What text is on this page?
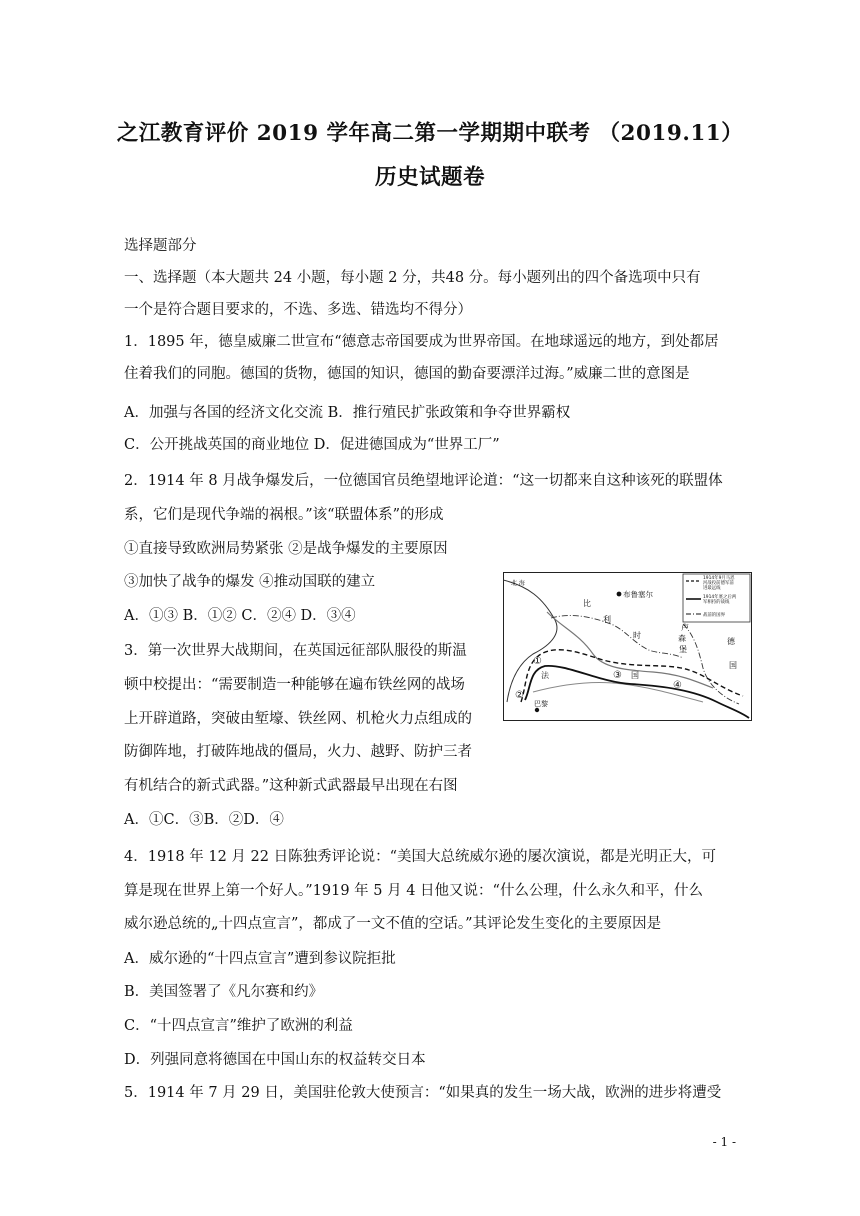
之江教育评价 2019 学年高二第一学期期中联考 （2019.11）
历史试题卷
选择题部分
一、选择题（本大题共 24 小题，每小题 2 分，共48 分。每小题列出的四个备选项中只有
一个是符合题目要求的，不选、多选、错选均不得分）
1．1895 年，德皇威廉二世宣布“德意志帝国要成为世界帝国。在地球遥远的地方，到处都居
住着我们的同胞。德国的货物，德国的知识，德国的勤奋要漂洋过海。”威廉二世的意图是
A．加强与各国的经济文化交流 B．推行殖民扩张政策和争夺世界霸权
C．公开挑战英国的商业地位 D．促进德国成为“世界工厂”
2．1914 年 8 月战争爆发后，一位德国官员绝望地评论道：“这一切都来自这种该死的联盟体
系，它们是现代争端的祸根。”该“联盟体系”的形成
①直接导致欧洲局势紧张 ②是战争爆发的主要原因
③加快了战争的爆发 ④推动国联的建立
A．①③ B．①② C．②④ D．③④
3．第一次世界大战期间，在英国远征部队服役的斯温
顿中校提出：“需要制造一种能够在遍布铁丝网的战场
上开辟道路，突破由堑壕、铁丝网、机枪火力点组成的
防御阵地，打破阵地战的僵局，火力、越野、防护三者
有机结合的新式武器。”这种新式武器最早出现在右图
A．①C．③B．②D．④
4．1918 年 12 月 22 日陈独秀评论说：“美国大总统威尔逊的屡次演说，都是光明正大，可
算是现在世界上第一个好人。”1919 年 5 月 4 日他又说：“什么公理，什么永久和平，什么
威尔逊总统的„十四点宣言”，都成了一文不值的空话。”其评论发生变化的主要原因是
A．威尔逊的“十四点宣言”遭到参议院拒批
B．美国签署了《凡尔赛和约》
C．“十四点宣言”维护了欧洲的利益
D．列强同意将德国在中国山东的权益转交日本
5．1914 年 7 月 29 日，美国驻伦敦大使预言：“如果真的发生一场大战，欧洲的进步将遭受
1914年9月马恩
河战役前德军前
进最远线
1914年底之后两
军相持的战线
战前的国界
北 海
布鲁塞尔
比
利
时
卢
森
堡
德
国
法	国
巴黎
①
②
③
④
- 1 -
